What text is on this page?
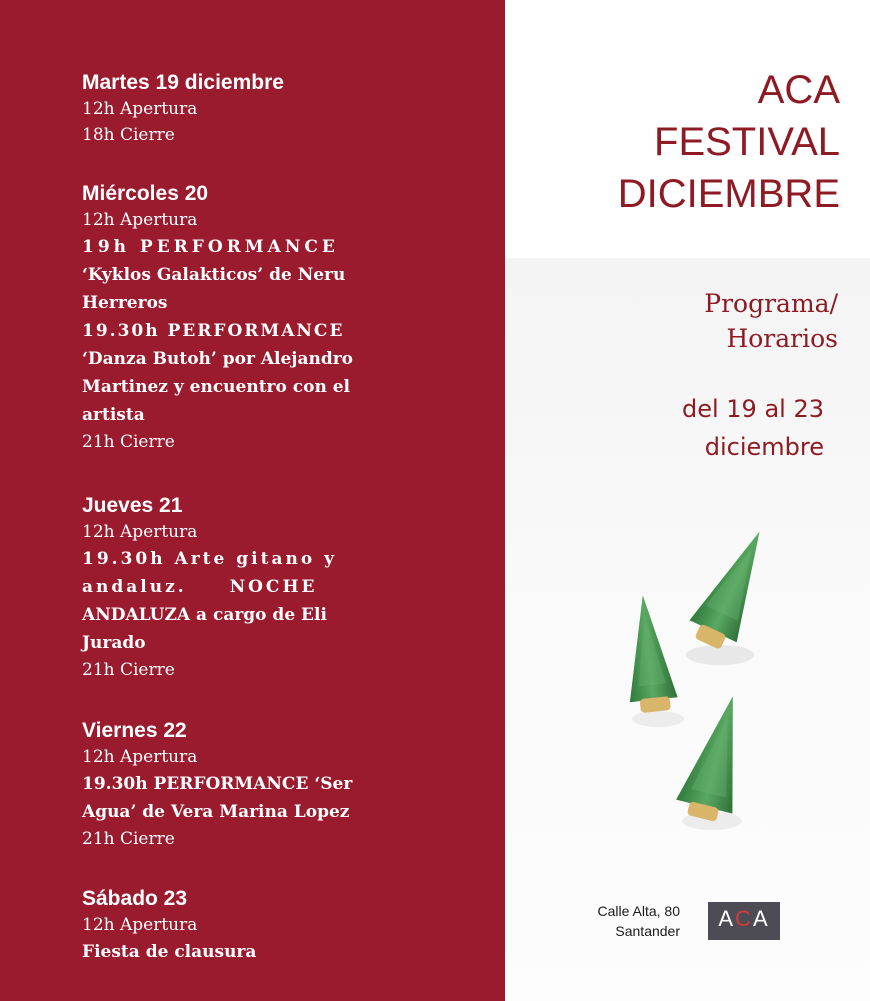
Martes 19 diciembre
12h Apertura
18h Cierre
Miércoles 20
12h Apertura
19h PERFORMANCE
‘Kyklos Galakticos’ de Neru
Herreros
19.30h PERFORMANCE
‘Danza Butoh’ por Alejandro
Martinez y encuentro con el
artista
21h Cierre
Jueves 21
12h Apertura
19.30h Arte gitano y
andaluz. NOCHE
ANDALUZA a cargo de Eli
Jurado
21h Cierre
Viernes 22
12h Apertura
19.30h PERFORMANCE ‘Ser
Agua’ de Vera Marina Lopez
21h Cierre
Sábado 23
12h Apertura
Fiesta de clausura
ACA
FESTIVAL
DICIEMBRE
Programa/
Horarios
del 19 al 23
diciembre
Calle Alta, 80
Santander	ACA
